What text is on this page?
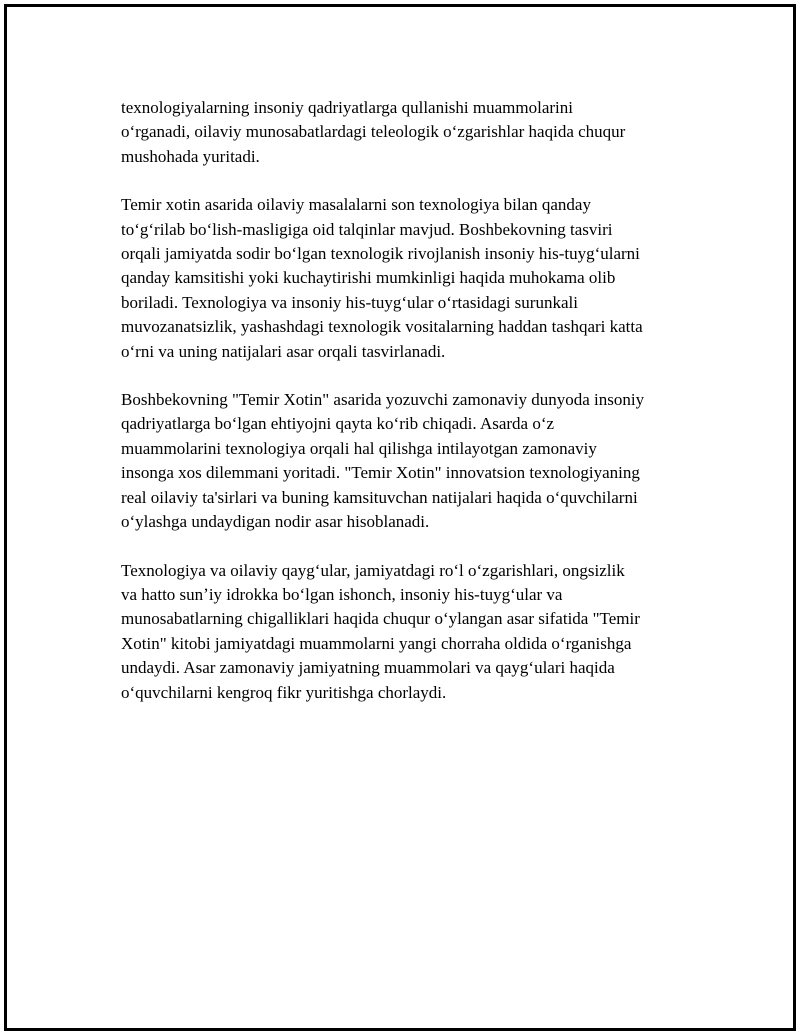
texnologiyalarning insoniy qadriyatlarga qullanishi muammolarini
oʻrganadi, oilaviy munosabatlardagi teleologik oʻzgarishlar haqida chuqur
mushohada yuritadi.

Temir xotin asarida oilaviy masalalarni son texnologiya bilan qanday
toʻgʻrilab boʻlish-masligiga oid talqinlar mavjud. Boshbekovning tasviri
orqali jamiyatda sodir boʻlgan texnologik rivojlanish insoniy his-tuygʻularni
qanday kamsitishi yoki kuchaytirishi mumkinligi haqida muhokama olib
boriladi. Texnologiya va insoniy his-tuygʻular oʻrtasidagi surunkali
muvozanatsizlik, yashashdagi texnologik vositalarning haddan tashqari katta
oʻrni va uning natijalari asar orqali tasvirlanadi.

Boshbekovning "Temir Xotin" asarida yozuvchi zamonaviy dunyoda insoniy
qadriyatlarga boʻlgan ehtiyojni qayta koʻrib chiqadi. Asarda oʻz
muammolarini texnologiya orqali hal qilishga intilayotgan zamonaviy
insonga xos dilemmani yoritadi. "Temir Xotin" innovatsion texnologiyaning
real oilaviy ta'sirlari va buning kamsituvchan natijalari haqida oʻquvchilarni
oʻylashga undaydigan nodir asar hisoblanadi.

Texnologiya va oilaviy qaygʻular, jamiyatdagi roʻl oʻzgarishlari, ongsizlik
va hatto sunʼiy idrokka boʻlgan ishonch, insoniy his-tuygʻular va
munosabatlarning chigalliklari haqida chuqur oʻylangan asar sifatida "Temir
Xotin" kitobi jamiyatdagi muammolarni yangi chorraha oldida oʻrganishga
undaydi. Asar zamonaviy jamiyatning muammolari va qaygʻulari haqida
oʻquvchilarni kengroq fikr yuritishga chorlaydi.
